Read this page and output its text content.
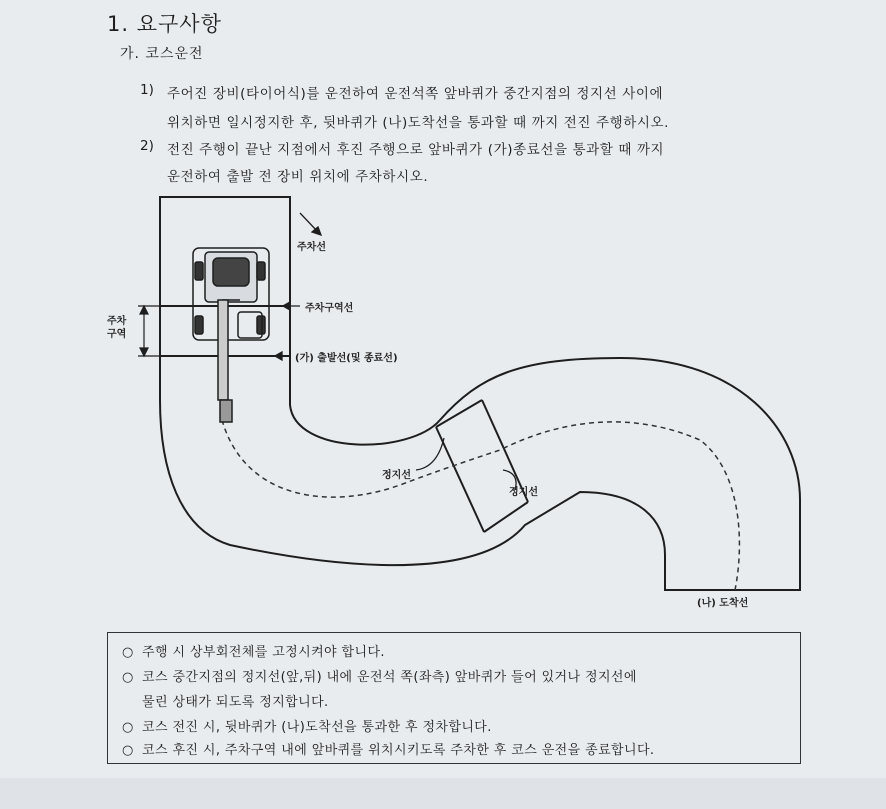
1. 요구사항
가. 코스운전
1) 주어진 장비(타이어식)를 운전하여 운전석쪽 앞바퀴가 중간지점의 정지선 사이에
위치하면 일시정지한 후, 뒷바퀴가 (나)도착선을 통과할 때 까지 전진 주행하시오.
2) 전진 주행이 끝난 지점에서 후진 주행으로 앞바퀴가 (가)종료선을 통과할 때 까지
운전하여 출발 전 장비 위치에 주차하시오.
주차선
주차구역선
주차
구역
(가) 출발선(및 종료선)
정지선
정지선
(나) 도착선
○ 주행 시 상부회전체를 고정시켜야 합니다.
○ 코스 중간지점의 정지선(앞,뒤) 내에 운전석 쪽(좌측) 앞바퀴가 들어 있거나 정지선에
물린 상태가 되도록 정지합니다.
○ 코스 전진 시, 뒷바퀴가 (나)도착선을 통과한 후 정차합니다.
○ 코스 후진 시, 주차구역 내에 앞바퀴를 위치시키도록 주차한 후 코스 운전을 종료합니다.
